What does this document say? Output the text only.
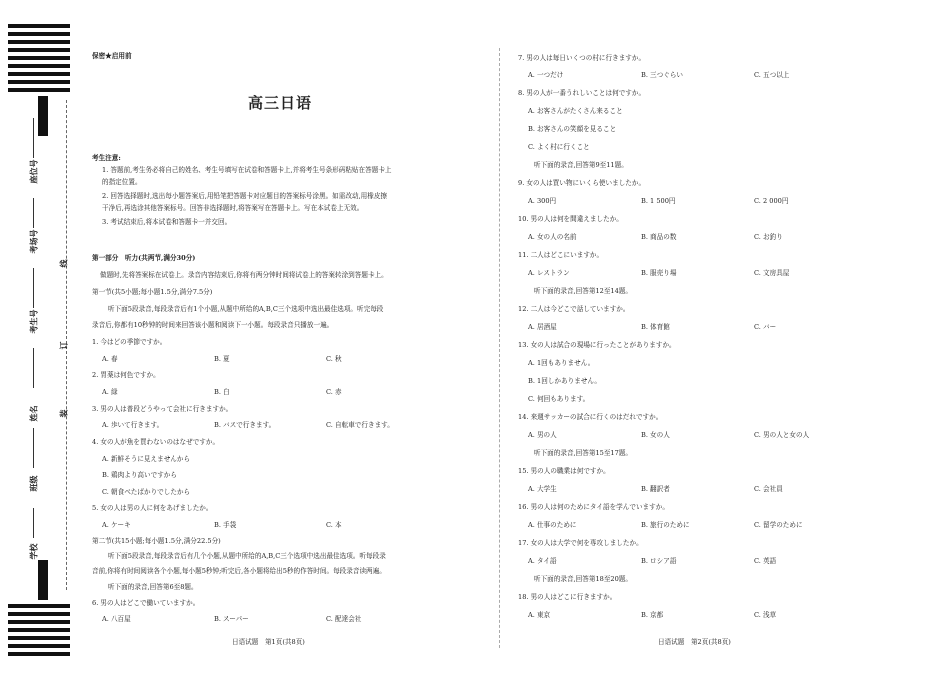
座位号
考场号
考生号
姓名
班级
学校
线
订
装
保密★启用前
考生注意:
1. 答题前,考生务必将自己的姓名、考生号填写在试卷和答题卡上,并将考生号条形码粘贴在答题卡上
的指定位置。
2. 回答选择题时,选出每小题答案后,用铅笔把答题卡对应题目的答案标号涂黑。如需改动,用橡皮擦
干净后,再选涂其他答案标号。回答非选择题时,将答案写在答题卡上。写在本试卷上无效。
3. 考试结束后,将本试卷和答题卡一并交回。
第一部分　听力(共两节,满分30分)
做题时,先将答案标在试卷上。录音内容结束后,你将有两分钟时间将试卷上的答案转涂到答题卡上。
第一节(共5小题;每小题1.5分,满分7.5分)
听下面5段录音,每段录音后有1个小题,从题中所给的A,B,C三个选项中选出最佳选项。听完每段
录音后,你都有10秒钟的时间来回答该小题和阅读下一小题。每段录音只播放一遍。
1. 今はどの季節ですか。
A. 春	B. 夏	C. 秋
2. 胃薬は何色ですか。
A. 緑	B. 白	C. 赤
3. 男の人は普段どうやって会社に行きますか。
A. 歩いて行きます。	B. バスで行きます。	C. 自転車で行きます。
4. 女の人が魚を買わないのはなぜですか。
A. 新鮮そうに見えませんから
B. 鶏肉より高いですから
C. 朝食べたばかりでしたから
5. 女の人は男の人に何をあげましたか。
A. ケーキ	B. 手袋	C. 本
第二节(共15小题;每小题1.5分,满分22.5分)
听下面5段录音,每段录音后有几个小题,从题中所给的A,B,C三个选项中选出最佳选项。听每段录
音前,你将有时间阅读各个小题,每小题5秒钟;听完后,各小题将给出5秒的作答时间。每段录音读两遍。
听下面的录音,回答第6至8题。
6. 男の人はどこで働いていますか。
A. 八百屋	B. スーパー	C. 配達会社
日语试题　第1页(共8页)
高三日语
7. 男の人は毎日いくつの村に行きますか。
A. 一つだけ	B. 三つぐらい	C. 五つ以上
8. 男の人が一番うれしいことは何ですか。
A. お客さんがたくさん来ること
B. お客さんの笑顔を見ること
C. よく村に行くこと
听下面的录音,回答第9至11题。
9. 女の人は買い物にいくら使いましたか。
A. 300円	B. 1 500円	C. 2 000円
10. 男の人は何を間違えましたか。
A. 女の人の名前	B. 商品の数	C. お釣り
11. 二人はどこにいますか。
A. レストラン	B. 服売り場	C. 文房具屋
听下面的录音,回答第12至14题。
12. 二人は今どこで話していますか。
A. 居酒屋	B. 体育館	C. バー
13. 女の人は試合の現場に行ったことがありますか。
A. 1回もありません。
B. 1回しかありません。
C. 何回もあります。
14. 来週サッカーの試合に行くのはだれですか。
A. 男の人	B. 女の人	C. 男の人と女の人
听下面的录音,回答第15至17题。
15. 男の人の職業は何ですか。
A. 大学生	B. 翻訳者	C. 会社員
16. 男の人は何のためにタイ語を学んでいますか。
A. 仕事のために	B. 旅行のために	C. 留学のために
17. 女の人は大学で何を専攻しましたか。
A. タイ語	B. ロシア語	C. 英語
听下面的录音,回答第18至20题。
18. 男の人はどこに行きますか。
A. 東京	B. 京都	C. 浅草
日语试题　第2页(共8页)
